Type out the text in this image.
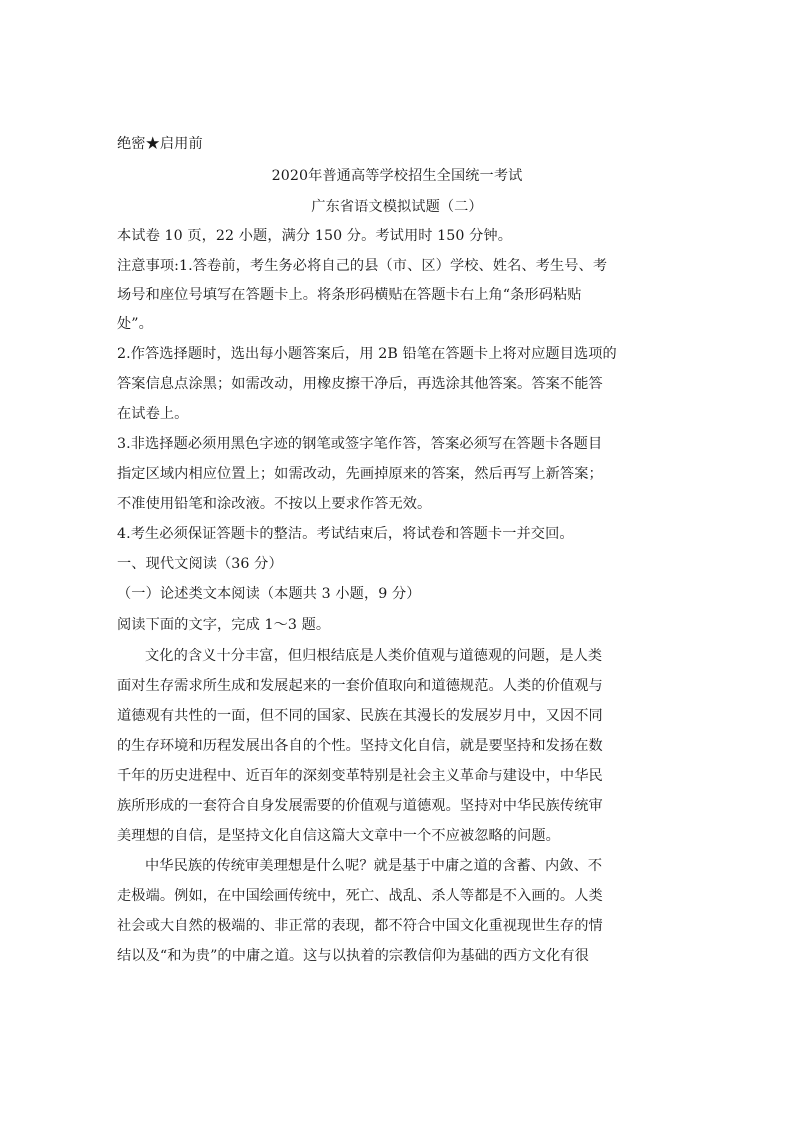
绝密★启用前
2020年普通高等学校招生全国统一考试
广东省语文模拟试题（二）
本试卷 10 页，22 小题，满分 150 分。考试用时 150 分钟。
注意事项:1.答卷前，考生务必将自己的县（市、区）学校、姓名、考生号、考
场号和座位号填写在答题卡上。将条形码横贴在答题卡右上角“条形码粘贴
处”。
2.作答选择题时，选出每小题答案后，用 2B 铅笔在答题卡上将对应题目选项的
答案信息点涂黑；如需改动，用橡皮擦干净后，再选涂其他答案。答案不能答
在试卷上。
3.非选择题必须用黑色字迹的钢笔或签字笔作答，答案必须写在答题卡各题目
指定区域内相应位置上；如需改动，先画掉原来的答案，然后再写上新答案；
不准使用铅笔和涂改液。不按以上要求作答无效。
4.考生必须保证答题卡的整洁。考试结束后，将试卷和答题卡一并交回。
一、现代文阅读（36 分）
（一）论述类文本阅读（本题共 3 小题，9 分）
阅读下面的文字，完成 1～3 题。
文化的含义十分丰富，但归根结底是人类价值观与道德观的问题，是人类
面对生存需求所生成和发展起来的一套价值取向和道德规范。人类的价值观与
道德观有共性的一面，但不同的国家、民族在其漫长的发展岁月中，又因不同
的生存环境和历程发展出各自的个性。坚持文化自信，就是要坚持和发扬在数
千年的历史进程中、近百年的深刻变革特别是社会主义革命与建设中，中华民
族所形成的一套符合自身发展需要的价值观与道德观。坚持对中华民族传统审
美理想的自信，是坚持文化自信这篇大文章中一个不应被忽略的问题。
中华民族的传统审美理想是什么呢？就是基于中庸之道的含蓄、内敛、不
走极端。例如，在中国绘画传统中，死亡、战乱、杀人等都是不入画的。人类
社会或大自然的极端的、非正常的表现，都不符合中国文化重视现世生存的情
结以及“和为贵”的中庸之道。这与以执着的宗教信仰为基础的西方文化有很
